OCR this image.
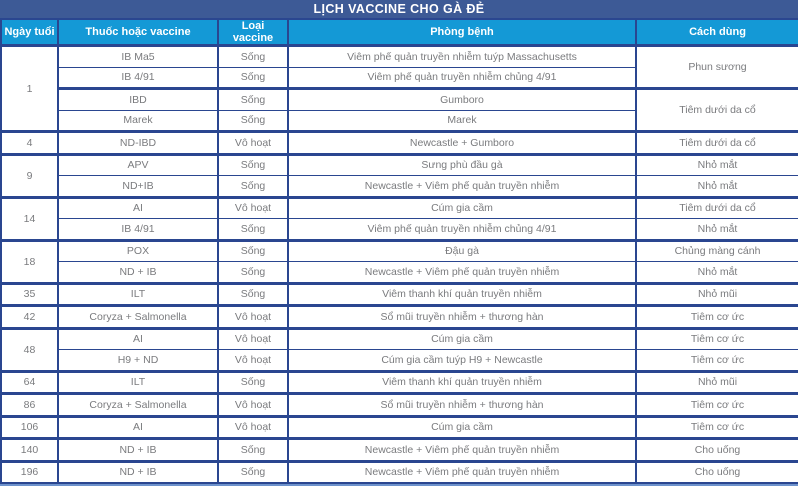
LỊCH VACCINE CHO GÀ ĐẺ
Ngày tuổi	Thuốc hoặc vaccine	Loại vaccine	Phòng bệnh	Cách dùng
1	IB Ma5	Sống	Viêm phế quản truyền nhiễm tuýp Massachusetts	Phun sương
	IB 4/91	Sống	Viêm phế quản truyền nhiễm chủng 4/91	
	IBD	Sống	Gumboro	Tiêm dưới da cổ
	Marek	Sống	Marek	
4	ND-IBD	Vô hoạt	Newcastle + Gumboro	Tiêm dưới da cổ
9	APV	Sống	Sưng phù đầu gà	Nhỏ mắt
	ND+IB	Sống	Newcastle + Viêm phế quản truyền nhiễm	Nhỏ mắt
14	AI	Vô hoạt	Cúm gia cầm	Tiêm dưới da cổ
	IB 4/91	Sống	Viêm phế quản truyền nhiễm chủng 4/91	Nhỏ mắt
18	POX	Sống	Đậu gà	Chủng màng cánh
	ND + IB	Sống	Newcastle + Viêm phế quản truyền nhiễm	Nhỏ mắt
35	ILT	Sống	Viêm thanh khí quản truyền nhiễm	Nhỏ mũi
42	Coryza + Salmonella	Vô hoạt	Sổ mũi truyền nhiễm + thương hàn	Tiêm cơ ức
48	AI	Vô hoạt	Cúm gia cầm	Tiêm cơ ức
	H9 + ND	Vô hoạt	Cúm gia cầm tuýp H9 + Newcastle	Tiêm cơ ức
64	ILT	Sống	Viêm thanh khí quản truyền nhiễm	Nhỏ mũi
86	Coryza + Salmonella	Vô hoạt	Sổ mũi truyền nhiễm + thương hàn	Tiêm cơ ức
106	AI	Vô hoạt	Cúm gia cầm	Tiêm cơ ức
140	ND + IB	Sống	Newcastle + Viêm phế quản truyền nhiễm	Cho uống
196	ND + IB	Sống	Newcastle + Viêm phế quản truyền nhiễm	Cho uống
